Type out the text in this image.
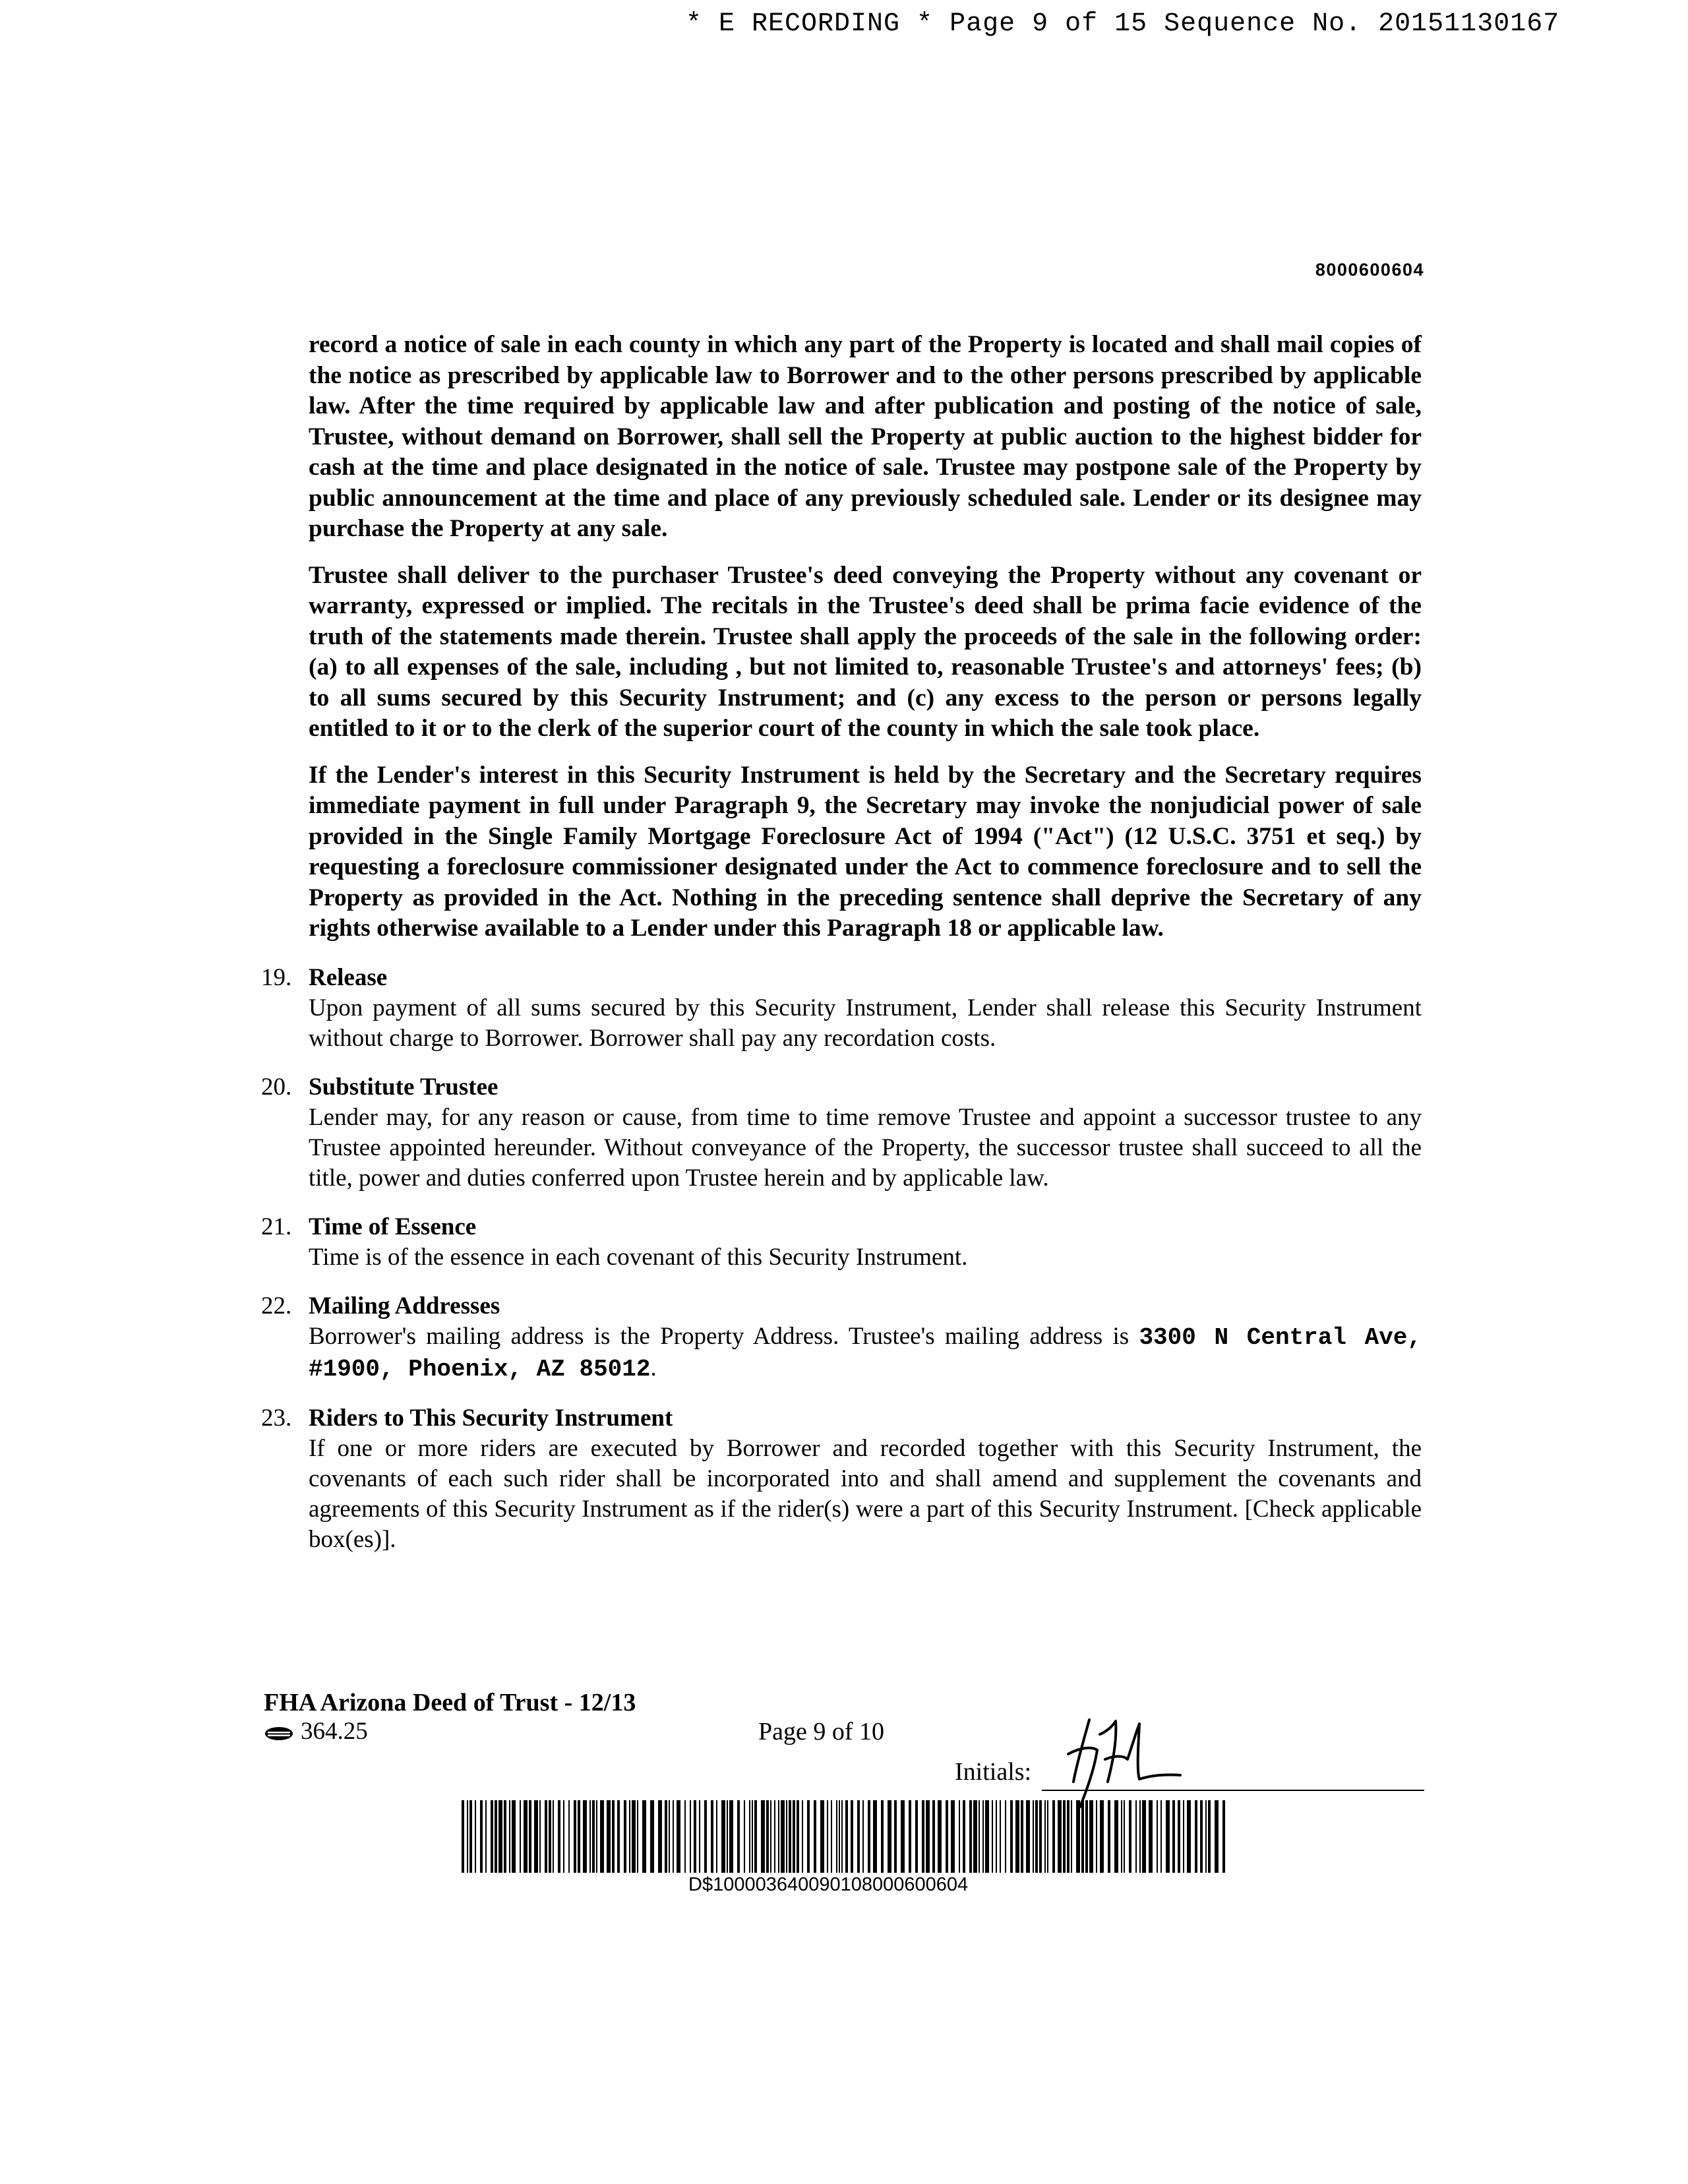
* E RECORDING * Page 9 of 15 Sequence No. 20151130167
8000600604

record a notice of sale in each county in which any part of the Property is located and shall mail copies of the notice as prescribed by applicable law to Borrower and to the other persons prescribed by applicable law. After the time required by applicable law and after publication and posting of the notice of sale, Trustee, without demand on Borrower, shall sell the Property at public auction to the highest bidder for cash at the time and place designated in the notice of sale. Trustee may postpone sale of the Property by public announcement at the time and place of any previously scheduled sale. Lender or its designee may purchase the Property at any sale.

Trustee shall deliver to the purchaser Trustee's deed conveying the Property without any covenant or warranty, expressed or implied. The recitals in the Trustee's deed shall be prima facie evidence of the truth of the statements made therein. Trustee shall apply the proceeds of the sale in the following order: (a) to all expenses of the sale, including , but not limited to, reasonable Trustee's and attorneys' fees; (b) to all sums secured by this Security Instrument; and (c) any excess to the person or persons legally entitled to it or to the clerk of the superior court of the county in which the sale took place.

If the Lender's interest in this Security Instrument is held by the Secretary and the Secretary requires immediate payment in full under Paragraph 9, the Secretary may invoke the nonjudicial power of sale provided in the Single Family Mortgage Foreclosure Act of 1994 ("Act") (12 U.S.C. 3751 et seq.) by requesting a foreclosure commissioner designated under the Act to commence foreclosure and to sell the Property as provided in the Act. Nothing in the preceding sentence shall deprive the Secretary of any rights otherwise available to a Lender under this Paragraph 18 or applicable law.

19. Release
Upon payment of all sums secured by this Security Instrument, Lender shall release this Security Instrument without charge to Borrower. Borrower shall pay any recordation costs.
20. Substitute Trustee
Lender may, for any reason or cause, from time to time remove Trustee and appoint a successor trustee to any Trustee appointed hereunder. Without conveyance of the Property, the successor trustee shall succeed to all the title, power and duties conferred upon Trustee herein and by applicable law.
21. Time of Essence
Time is of the essence in each covenant of this Security Instrument.
22. Mailing Addresses
Borrower's mailing address is the Property Address. Trustee's mailing address is 3300 N Central Ave, #1900, Phoenix, AZ 85012.
23. Riders to This Security Instrument
If one or more riders are executed by Borrower and recorded together with this Security Instrument, the covenants of each such rider shall be incorporated into and shall amend and supplement the covenants and agreements of this Security Instrument as if the rider(s) were a part of this Security Instrument. [Check applicable box(es)].
FHA Arizona Deed of Trust - 12/13
364.25	Page 9 of 10
Initials:
D$100003640090108000600604
